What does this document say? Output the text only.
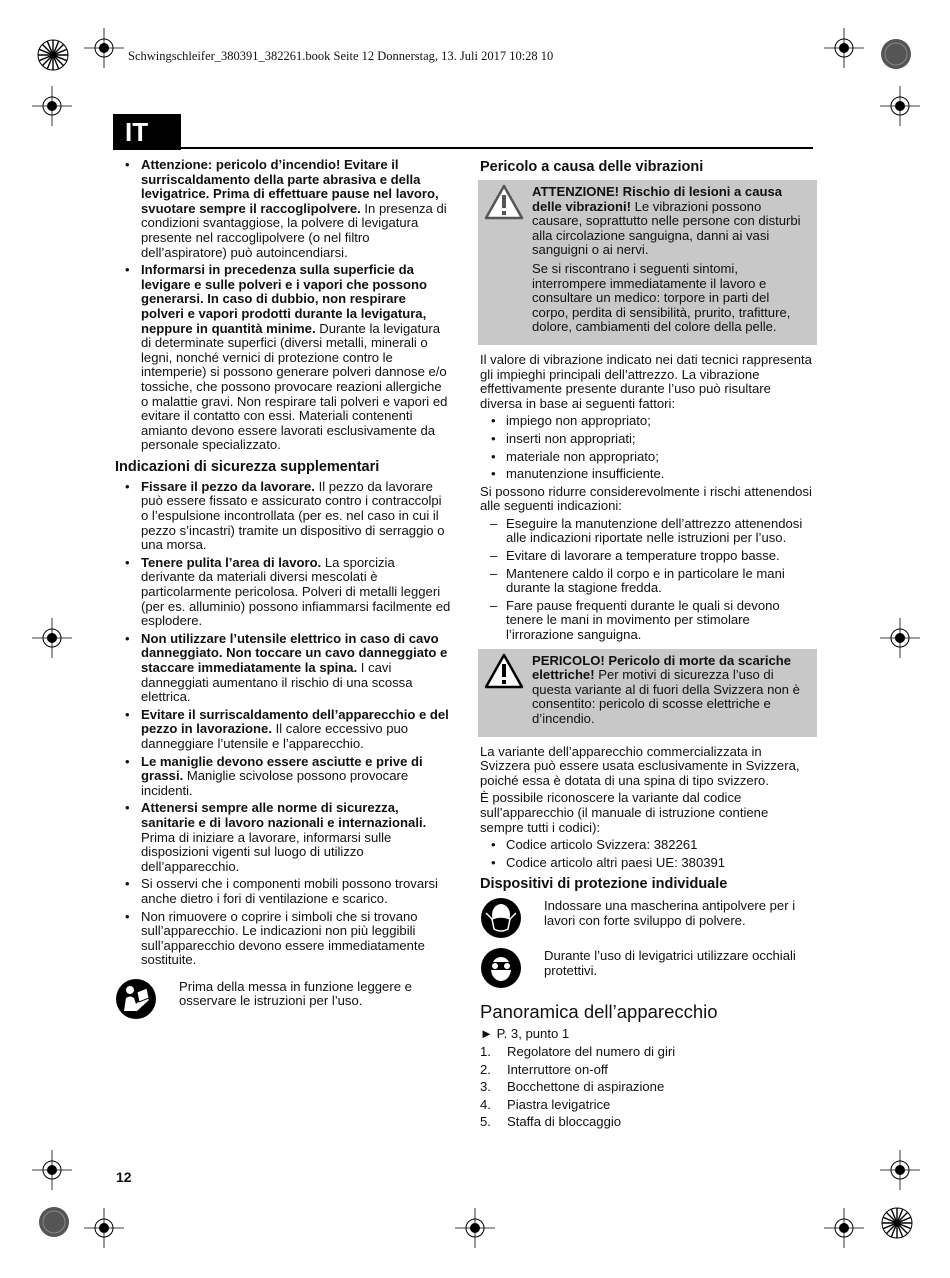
Schwingschleifer_380391_382261.book Seite 12 Donnerstag, 13. Juli 2017 10:28 10
IT
• Attenzione: pericolo d’incendio! Evitare il surriscaldamento della parte abrasiva e della levigatrice. Prima di effettuare pause nel lavoro, svuotare sempre il raccoglipolvere. In presenza di condizioni svantaggiose, la polvere di levigatura presente nel raccoglipolvere (o nel filtro dell’aspiratore) può autoincendiarsi.
• Informarsi in precedenza sulla superficie da levigare e sulle polveri e i vapori che possono generarsi. In caso di dubbio, non respirare polveri e vapori prodotti durante la levigatura, neppure in quantità minime. Durante la levigatura di determinate superfici (diversi metalli, minerali o legni, nonché vernici di protezione contro le intemperie) si possono generare polveri dannose e/o tossiche, che possono provocare reazioni allergiche o malattie gravi. Non respirare tali polveri e vapori ed evitare il contatto con essi. Materiali contenenti amianto devono essere lavorati esclusivamente da personale specializzato.
Indicazioni di sicurezza supplementari
• Fissare il pezzo da lavorare. Il pezzo da lavorare può essere fissato e assicurato contro i contraccolpi o l’espulsione incontrollata (per es. nel caso in cui il pezzo s’incastri) tramite un dispositivo di serraggio o una morsa.
• Tenere pulita l’area di lavoro. La sporcizia derivante da materiali diversi mescolati è particolarmente pericolosa. Polveri di metalli leggeri (per es. alluminio) possono infiammarsi facilmente ed esplodere.
• Non utilizzare l’utensile elettrico in caso di cavo danneggiato. Non toccare un cavo danneggiato e staccare immediatamente la spina. I cavi danneggiati aumentano il rischio di una scossa elettrica.
• Evitare il surriscaldamento dell’apparecchio e del pezzo in lavorazione. Il calore eccessivo puo danneggiare l’utensile e l’apparecchio.
• Le maniglie devono essere asciutte e prive di grassi. Maniglie scivolose possono provocare incidenti.
• Attenersi sempre alle norme di sicurezza, sanitarie e di lavoro nazionali e internazionali. Prima di iniziare a lavorare, informarsi sulle disposizioni vigenti sul luogo di utilizzo dell’apparecchio.
• Si osservi che i componenti mobili possono trovarsi anche dietro i fori di ventilazione e scarico.
• Non rimuovere o coprire i simboli che si trovano sull’apparecchio. Le indicazioni non più leggibili sull’apparecchio devono essere immediatamente sostituite.
Prima della messa in funzione leggere e osservare le istruzioni per l’uso.
Pericolo a causa delle vibrazioni

ATTENZIONE! Rischio di lesioni a causa delle vibrazioni! Le vibrazioni possono causare, soprattutto nelle persone con disturbi alla circolazione sanguigna, danni ai vasi sanguigni o ai nervi.

Se si riscontrano i seguenti sintomi, interrompere immediatamente il lavoro e consultare un medico: torpore in parti del corpo, perdita di sensibilità, prurito, trafitture, dolore, cambiamenti del colore della pelle.

Il valore di vibrazione indicato nei dati tecnici rappresenta gli impieghi principali dell’attrezzo. La vibrazione effettivamente presente durante l’uso può risultare diversa in base ai seguenti fattori:

• impiego non appropriato;
• inserti non appropriati;
• materiale non appropriato;
• manutenzione insufficiente.

Si possono ridurre considerevolmente i rischi attenendosi alle seguenti indicazioni:

– Eseguire la manutenzione dell’attrezzo attenendosi alle indicazioni riportate nelle istruzioni per l’uso.
– Evitare di lavorare a temperature troppo basse.
– Mantenere caldo il corpo e in particolare le mani durante la stagione fredda.
– Fare pause frequenti durante le quali si devono tenere le mani in movimento per stimolare l’irrorazione sanguigna.

PERICOLO! Pericolo di morte da scariche elettriche! Per motivi di sicurezza l’uso di questa variante al di fuori della Svizzera non è consentito: pericolo di scosse elettriche e d’incendio.

La variante dell’apparecchio commercializzata in Svizzera può essere usata esclusivamente in Svizzera, poiché essa è dotata di una spina di tipo svizzero.

È possibile riconoscere la variante dal codice sull’apparecchio (il manuale di istruzione contiene sempre tutti i codici):

• Codice articolo Svizzera: 382261
• Codice articolo altri paesi UE: 380391
Dispositivi di protezione individuale
Indossare una mascherina antipolvere per i lavori con forte sviluppo di polvere.
Durante l’uso di levigatrici utilizzare occhiali protettivi.
Panoramica dell’apparecchio

► P. 3, punto 1

1. Regolatore del numero di giri
2. Interruttore on-off
3. Bocchettone di aspirazione
4. Piastra levigatrice
5. Staffa di bloccaggio
12
